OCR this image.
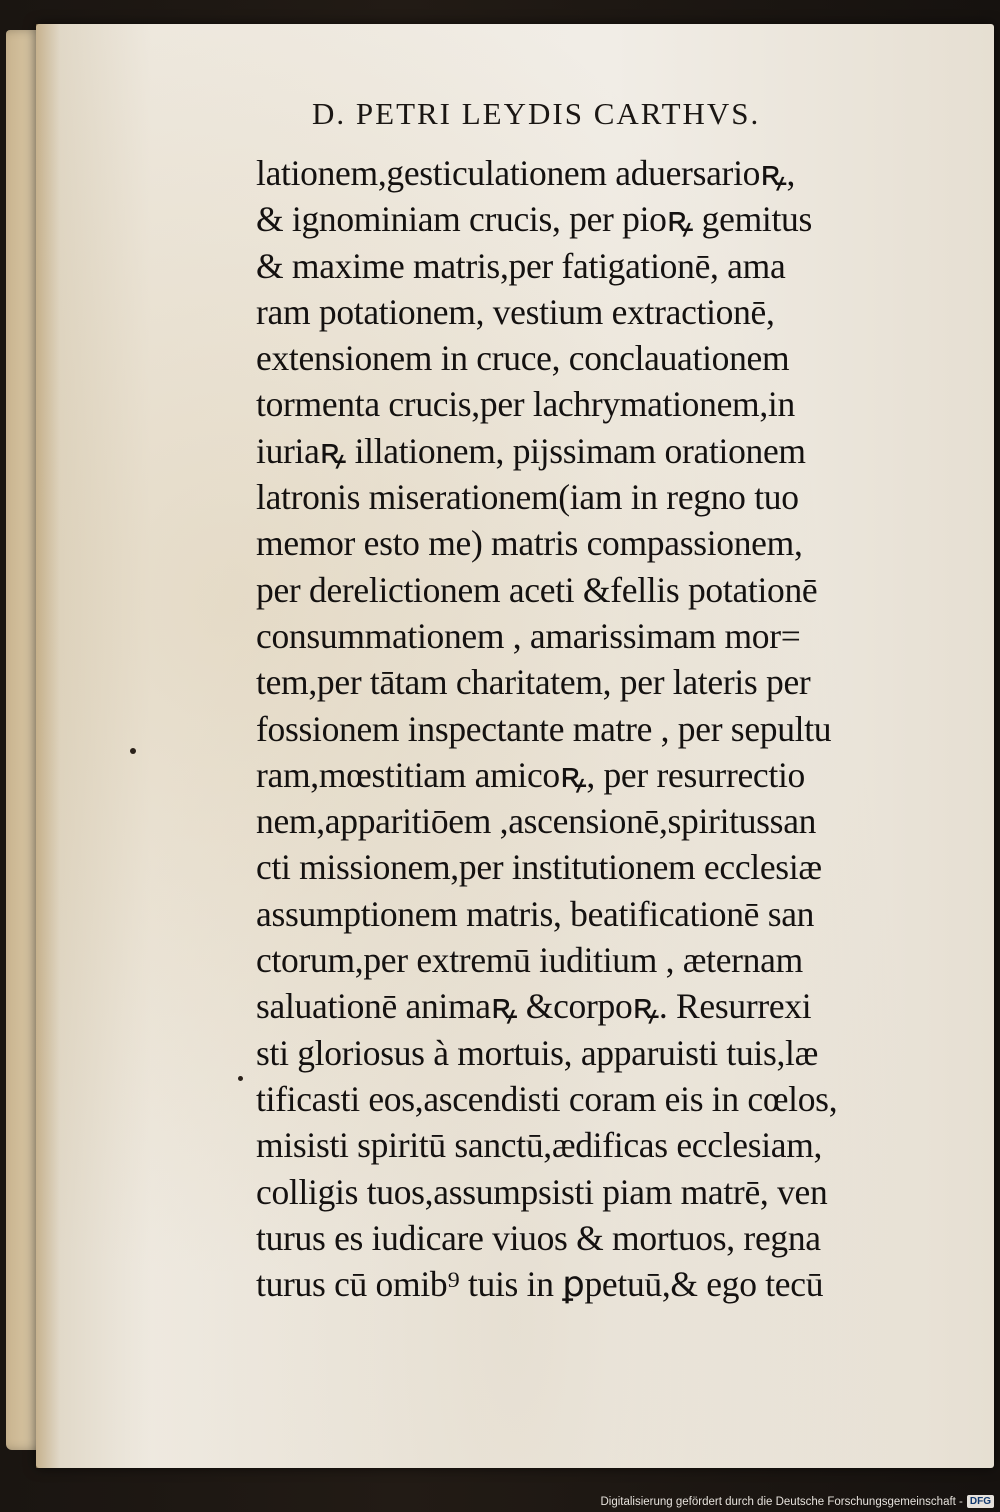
D. PETRI LEYDIS CARTHVS.
lationem,gesticulationem aduersarioꝶ,
& ignominiam crucis, per pioꝶ gemitus
& maxime matris,per fatigationē, ama
ram potationem, vestium extractionē,
extensionem in cruce, conclauationem
tormenta crucis,per lachrymationem,in
iuriaꝶ illationem, pijssimam orationem
latronis miserationem(iam in regno tuo
memor esto me) matris compassionem,
per derelictionem aceti &fellis potationē
consummationem , amarissimam mor=
tem,per tātam charitatem, per lateris per
fossionem inspectante matre , per sepultu
ram,mœstitiam amicoꝶ, per resurrectio
nem,apparitiōem ,ascensionē,spiritussan
cti missionem,per institutionem ecclesiæ
assumptionem matris, beatificationē san
ctorum,per extremū iuditium , æternam
saluationē animaꝶ &corpoꝶ. Resurrexi
sti gloriosus à mortuis, apparuisti tuis,læ
tificasti eos,ascendisti coram eis in cœlos,
misisti spiritū sanctū,ædificas ecclesiam,
colligis tuos,assumpsisti piam matrē, ven
turus es iudicare viuos & mortuos, regna
turus cū omib⁹ tuis in ꝑpetuū,& ego tecū
Digitalisierung gefördert durch die Deutsche Forschungsgemeinschaft - DFG
